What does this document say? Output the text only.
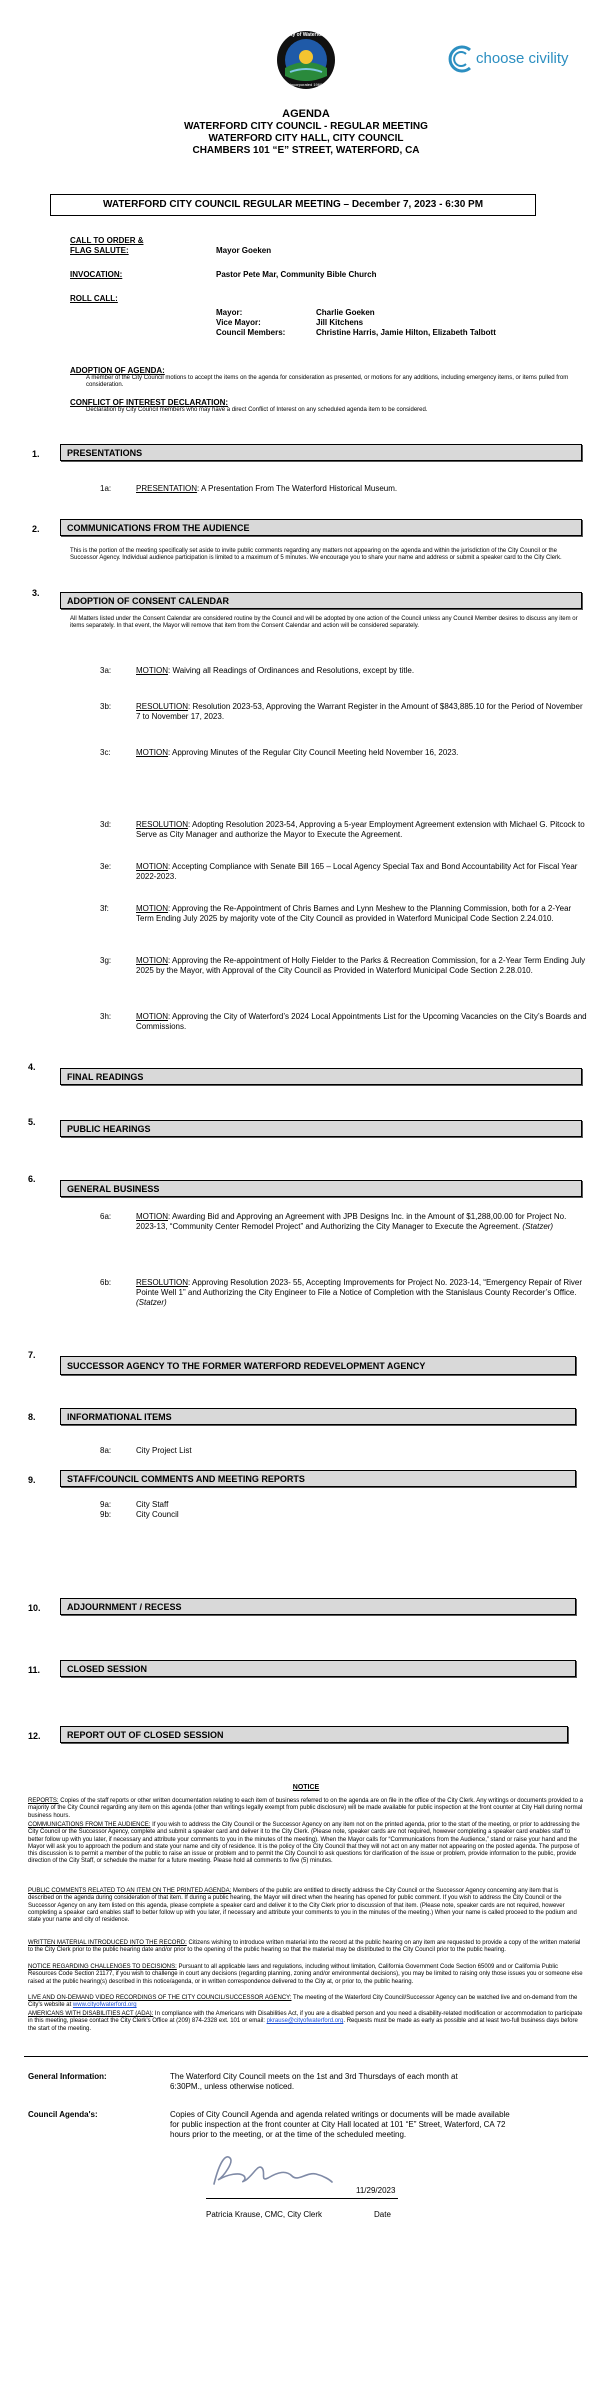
City of Waterford
Incorporated 1969
choose civility
AGENDA
WATERFORD CITY COUNCIL - REGULAR MEETING
WATERFORD CITY HALL, CITY COUNCIL
CHAMBERS 101 “E” STREET, WATERFORD, CA
WATERFORD CITY COUNCIL REGULAR MEETING – December 7, 2023 - 6:30 PM
CALL TO ORDER &
FLAG SALUTE:	Mayor Goeken
INVOCATION:	Pastor Pete Mar, Community Bible Church
ROLL CALL:
Mayor:	Charlie Goeken
Vice Mayor:	Jill Kitchens
Council Members:	Christine Harris, Jamie Hilton, Elizabeth Talbott
ADOPTION OF AGENDA:
A member of the City Council motions to accept the items on the agenda for consideration as presented, or motions for any additions, including emergency items, or items pulled from consideration.
CONFLICT OF INTEREST DECLARATION:
Declaration by City Council members who may have a direct Conflict of Interest on any scheduled agenda item to be considered.
1.	PRESENTATIONS
1a:	PRESENTATION: A Presentation From The Waterford Historical Museum.
2.	COMMUNICATIONS FROM THE AUDIENCE
This is the portion of the meeting specifically set aside to invite public comments regarding any matters not appearing on the agenda and within the jurisdiction of the City Council or the Successor Agency. Individual audience participation is limited to a maximum of 5 minutes. We encourage you to share your name and address or submit a speaker card to the City Clerk.
3.
ADOPTION OF CONSENT CALENDAR
All Matters listed under the Consent Calendar are considered routine by the Council and will be adopted by one action of the Council unless any Council Member desires to discuss any item or items separately. In that event, the Mayor will remove that item from the Consent Calendar and action will be considered separately.
3a:	MOTION: Waiving all Readings of Ordinances and Resolutions, except by title.
3b:	RESOLUTION: Resolution 2023-53, Approving the Warrant Register in the Amount of $843,885.10 for the Period of November 7 to November 17, 2023.
3c:	MOTION: Approving Minutes of the Regular City Council Meeting held November 16, 2023.
3d:	RESOLUTION: Adopting Resolution 2023-54, Approving a 5-year Employment Agreement extension with Michael G. Pitcock to Serve as City Manager and authorize the Mayor to Execute the Agreement.
3e:	MOTION: Accepting Compliance with Senate Bill 165 – Local Agency Special Tax and Bond Accountability Act for Fiscal Year 2022-2023.
3f:	MOTION: Approving the Re-Appointment of Chris Barnes and Lynn Meshew to the Planning Commission, both for a 2-Year Term Ending July 2025 by majority vote of the City Council as provided in Waterford Municipal Code Section 2.24.010.
3g:	MOTION: Approving the Re-appointment of Holly Fielder to the Parks & Recreation Commission, for a 2-Year Term Ending July 2025 by the Mayor, with Approval of the City Council as Provided in Waterford Municipal Code Section 2.28.010.
3h:	MOTION: Approving the City of Waterford’s 2024 Local Appointments List for the Upcoming Vacancies on the City’s Boards and Commissions.
4.
FINAL READINGS
5.
PUBLIC HEARINGS
6.
GENERAL BUSINESS
6a:	MOTION: Awarding Bid and Approving an Agreement with JPB Designs Inc. in the Amount of $1,288,00.00 for Project No. 2023-13, “Community Center Remodel Project” and Authorizing the City Manager to Execute the Agreement. (Statzer)
6b:	RESOLUTION: Approving Resolution 2023- 55, Accepting Improvements for Project No. 2023-14, “Emergency Repair of River Pointe Well 1” and Authorizing the City Engineer to File a Notice of Completion with the Stanislaus County Recorder’s Office. (Statzer)
7.
SUCCESSOR AGENCY TO THE FORMER WATERFORD REDEVELOPMENT AGENCY
8.	INFORMATIONAL ITEMS
8a:	City Project List
9.	STAFF/COUNCIL COMMENTS AND MEETING REPORTS
9a:	City Staff
9b:	City Council
10.	ADJOURNMENT / RECESS
11.	CLOSED SESSION
12.	REPORT OUT OF CLOSED SESSION
NOTICE
REPORTS: Copies of the staff reports or other written documentation relating to each item of business referred to on the agenda are on file in the office of the City Clerk. Any writings or documents provided to a majority of the City Council regarding any item on this agenda (other than writings legally exempt from public disclosure) will be made available for public inspection at the front counter at City Hall during normal business hours.
COMMUNICATIONS FROM THE AUDIENCE: If you wish to address the City Council or the Successor Agency on any item not on the printed agenda, prior to the start of the meeting, or prior to addressing the City Council or the Successor Agency, complete and submit a speaker card and deliver it to the City Clerk. (Please note, speaker cards are not required, however completing a speaker card enables staff to better follow up with you later, if necessary and attribute your comments to you in the minutes of the meeting). When the Mayor calls for “Communications from the Audience,” stand or raise your hand and the Mayor will ask you to approach the podium and state your name and city of residence. It is the policy of the City Council that they will not act on any matter not appearing on the posted agenda. The purpose of this discussion is to permit a member of the public to raise an issue or problem and to permit the City Council to ask questions for clarification of the issue or problem, provide information to the public, provide direction of the City Staff, or schedule the matter for a future meeting. Please hold all comments to five (5) minutes.
PUBLIC COMMENTS RELATED TO AN ITEM ON THE PRINTED AGENDA: Members of the public are entitled to directly address the City Council or the Successor Agency concerning any item that is described on the agenda during consideration of that item. If during a public hearing, the Mayor will direct when the hearing has opened for public comment. If you wish to address the City Council or the Successor Agency on any item listed on this agenda, please complete a speaker card and deliver it to the City Clerk prior to discussion of that item. (Please note, speaker cards are not required, however completing a speaker card enables staff to better follow up with you later, if necessary and attribute your comments to you in the minutes of the meeting.) When your name is called proceed to the podium and state your name and city of residence.
WRITTEN MATERIAL INTRODUCED INTO THE RECORD: Citizens wishing to introduce written material into the record at the public hearing on any item are requested to provide a copy of the written material to the City Clerk prior to the public hearing date and/or prior to the opening of the public hearing so that the material may be distributed to the City Council prior to the public hearing.
NOTICE REGARDING CHALLENGES TO DECISIONS: Pursuant to all applicable laws and regulations, including without limitation, California Government Code Section 65009 and or California Public Resources Code Section 21177, if you wish to challenge in court any decisions (regarding planning, zoning and/or environmental decisions), you may be limited to raising only those issues you or someone else raised at the public hearing(s) described in this notice/agenda, or in written correspondence delivered to the City at, or prior to, the public hearing.
LIVE AND ON-DEMAND VIDEO RECORDINGS OF THE CITY COUNCIL/SUCCESSOR AGENCY: The meeting of the Waterford City Council/Successor Agency can be watched live and on-demand from the City’s website at www.cityofwaterford.org
AMERICANS WITH DISABILITIES ACT (ADA): In compliance with the Americans with Disabilities Act, if you are a disabled person and you need a disability-related modification or accommodation to participate in this meeting, please contact the City Clerk’s Office at (209) 874-2328 ext. 101 or email: pkrause@cityofwaterford.org. Requests must be made as early as possible and at least two-full business days before the start of the meeting.
General Information:	The Waterford City Council meets on the 1st and 3rd Thursdays of each month at
6:30PM., unless otherwise noticed.
Council Agenda's:	Copies of City Council Agenda and agenda related writings or documents will be made available for public inspection at the front counter at City Hall located at 101 “E” Street, Waterford, CA 72 hours prior to the meeting, or at the time of the scheduled meeting.
11/29/2023
Patricia Krause, CMC, City Clerk	Date
